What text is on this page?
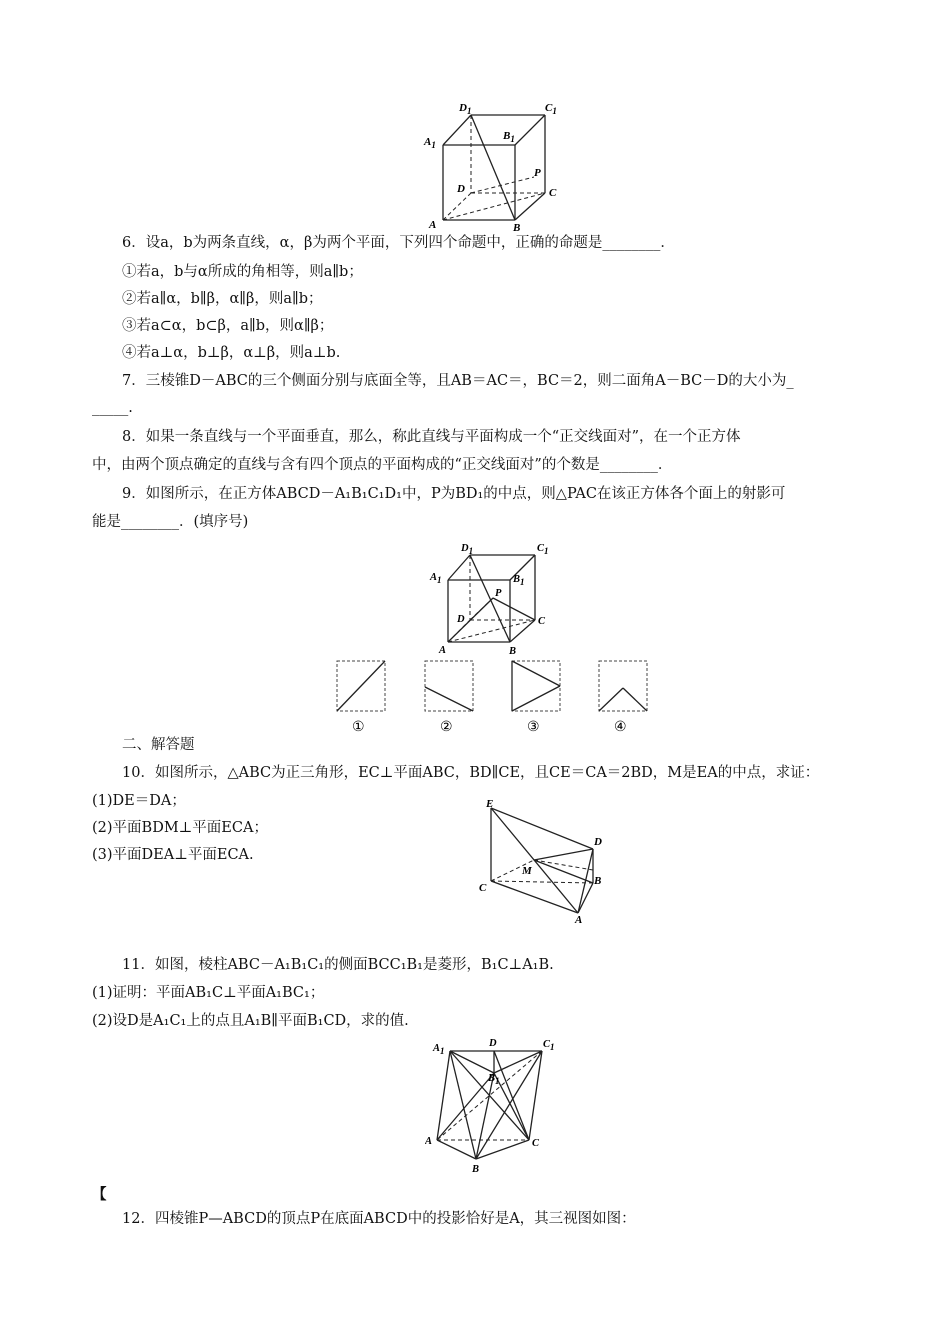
$D_1$	$C_1$
$A_1$
$B_1$
P
D	C
A	B
6．设a，b为两条直线，α，β为两个平面，下列四个命题中，正确的命题是________．
①若a，b与α所成的角相等，则a∥b；
②若a∥α，b∥β，α∥β，则a∥b；
③若a⊂α，b⊂β，a∥b，则α∥β；
④若a⊥α，b⊥β，α⊥β，则a⊥b.
7．三棱锥D－ABC的三个侧面分别与底面全等，且AB＝AC＝，BC＝2，则二面角A－BC－D的大小为_
_____.
8．如果一条直线与一个平面垂直，那么，称此直线与平面构成一个“正交线面对”，在一个正方体
中，由两个顶点确定的直线与含有四个顶点的平面构成的“正交线面对”的个数是________．
9．如图所示，在正方体ABCD－A₁B₁C₁D₁中，P为BD₁的中点，则△PAC在该正方体各个面上的射影可
能是________．(填序号)
D1	C1
A1	B1
P
D	C
A	B
①	②	③	④
二、解答题
10．如图所示，△ABC为正三角形，EC⊥平面ABC，BD∥CE，且CE＝CA＝2BD，M是EA的中点，求证：
(1)DE＝DA；
(2)平面BDM⊥平面ECA；
(3)平面DEA⊥平面ECA.
E
D
M
C
B
A
11．如图，棱柱ABC－A₁B₁C₁的侧面BCC₁B₁是菱形，B₁C⊥A₁B.
(1)证明：平面AB₁C⊥平面A₁BC₁；
(2)设D是A₁C₁上的点且A₁B∥平面B₁CD，求的值.
A1
D	C1
B1
A	C
B
【
12．四棱锥P—ABCD的顶点P在底面ABCD中的投影恰好是A，其三视图如图：
